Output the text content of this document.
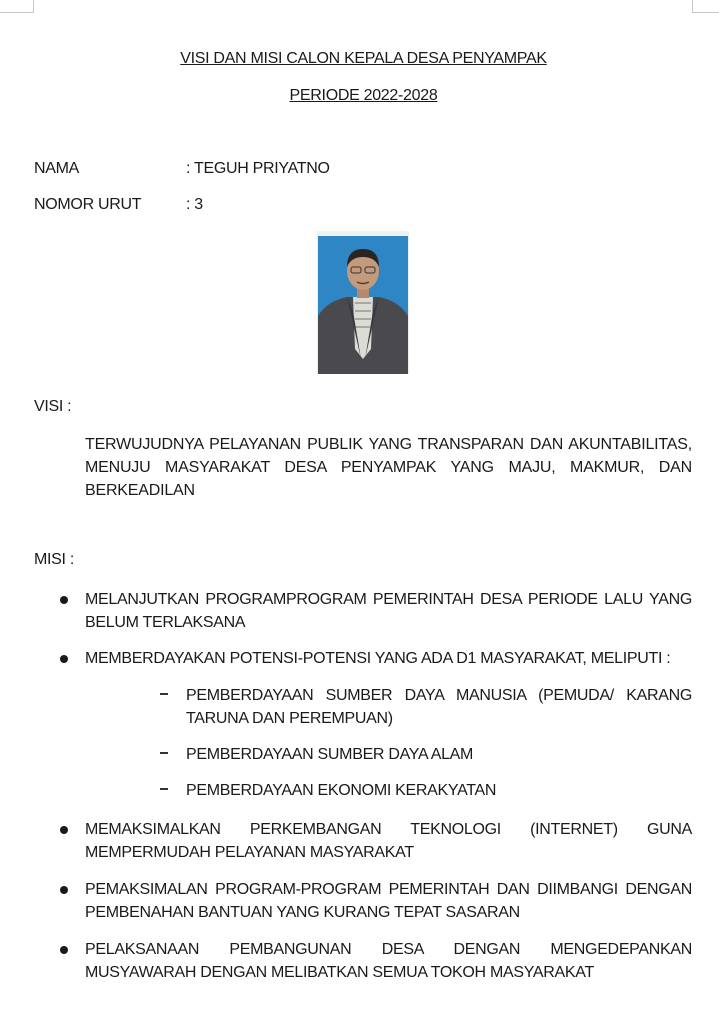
VISI DAN MISI CALON KEPALA DESA PENYAMPAK
PERIODE 2022-2028
NAMA	: TEGUH PRIYATNO
NOMOR URUT	: 3
VISI :
TERWUJUDNYA PELAYANAN PUBLIK YANG TRANSPARAN DAN AKUNTABILITAS, MENUJU MASYARAKAT DESA PENYAMPAK YANG MAJU, MAKMUR, DAN BERKEADILAN
MISI :
MELANJUTKAN PROGRAMPROGRAM PEMERINTAH DESA PERIODE LALU YANG BELUM TERLAKSANA
MEMBERDAYAKAN POTENSI-POTENSI YANG ADA D1 MASYARAKAT, MELIPUTI :
PEMBERDAYAAN SUMBER DAYA MANUSIA (PEMUDA/ KARANG TARUNA DAN PEREMPUAN)
PEMBERDAYAAN SUMBER DAYA ALAM
PEMBERDAYAAN EKONOMI KERAKYATAN
MEMAKSIMALKAN PERKEMBANGAN TEKNOLOGI (INTERNET) GUNA MEMPERMUDAH PELAYANAN MASYARAKAT
PEMAKSIMALAN PROGRAM-PROGRAM PEMERINTAH DAN DIIMBANGI DENGAN PEMBENAHAN BANTUAN YANG KURANG TEPAT SASARAN
PELAKSANAAN PEMBANGUNAN DESA DENGAN MENGEDEPANKAN MUSYAWARAH DENGAN MELIBATKAN SEMUA TOKOH MASYARAKAT
